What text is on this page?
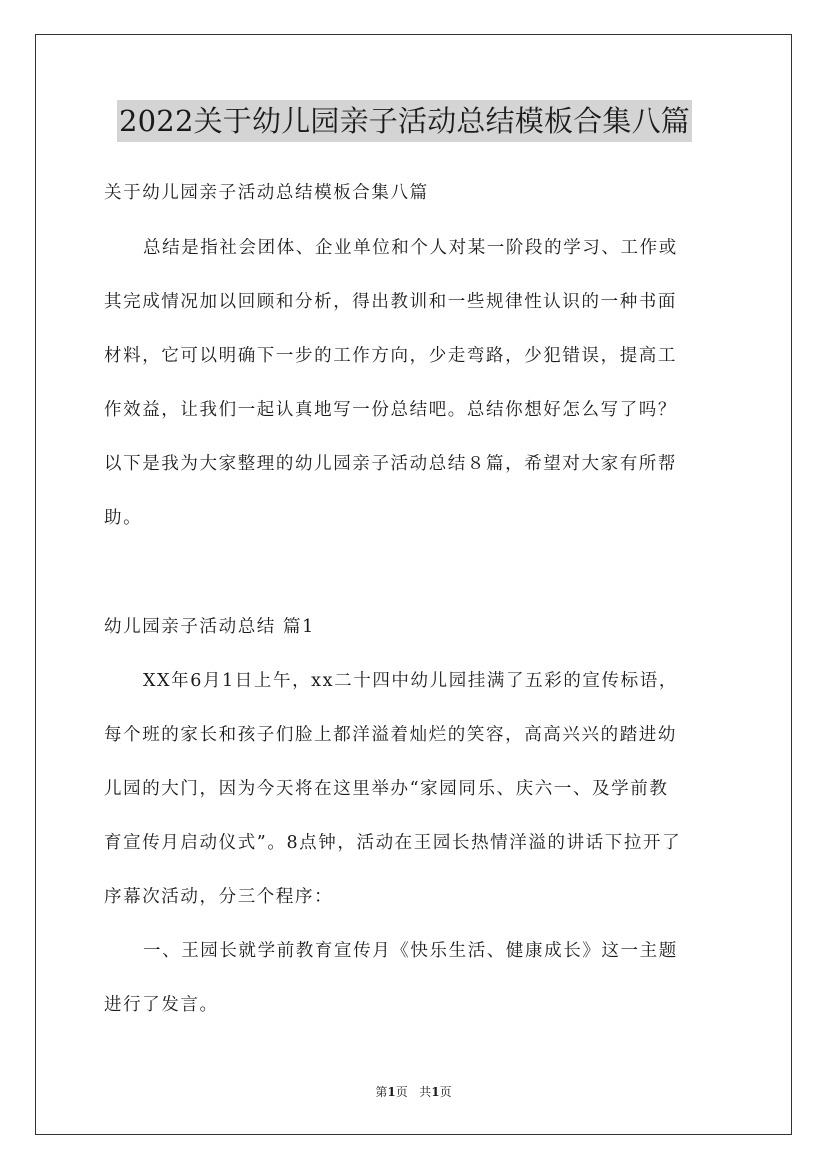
2022关于幼儿园亲子活动总结模板合集八篇
关于幼儿园亲子活动总结模板合集八篇
总结是指社会团体、企业单位和个人对某一阶段的学习、工作或
其完成情况加以回顾和分析，得出教训和一些规律性认识的一种书面
材料，它可以明确下一步的工作方向，少走弯路，少犯错误，提高工
作效益，让我们一起认真地写一份总结吧。总结你想好怎么写了吗？
以下是我为大家整理的幼儿园亲子活动总结８篇，希望对大家有所帮
助。
幼儿园亲子活动总结 篇1
XX年6月1日上午，xx二十四中幼儿园挂满了五彩的宣传标语，
每个班的家长和孩子们脸上都洋溢着灿烂的笑容，高高兴兴的踏进幼
儿园的大门，因为今天将在这里举办“家园同乐、庆六一、及学前教
育宣传月启动仪式”。8点钟，活动在王园长热情洋溢的讲话下拉开了
序幕次活动，分三个程序：
一、王园长就学前教育宣传月《快乐生活、健康成长》这一主题
进行了发言。
第1页 共1页
